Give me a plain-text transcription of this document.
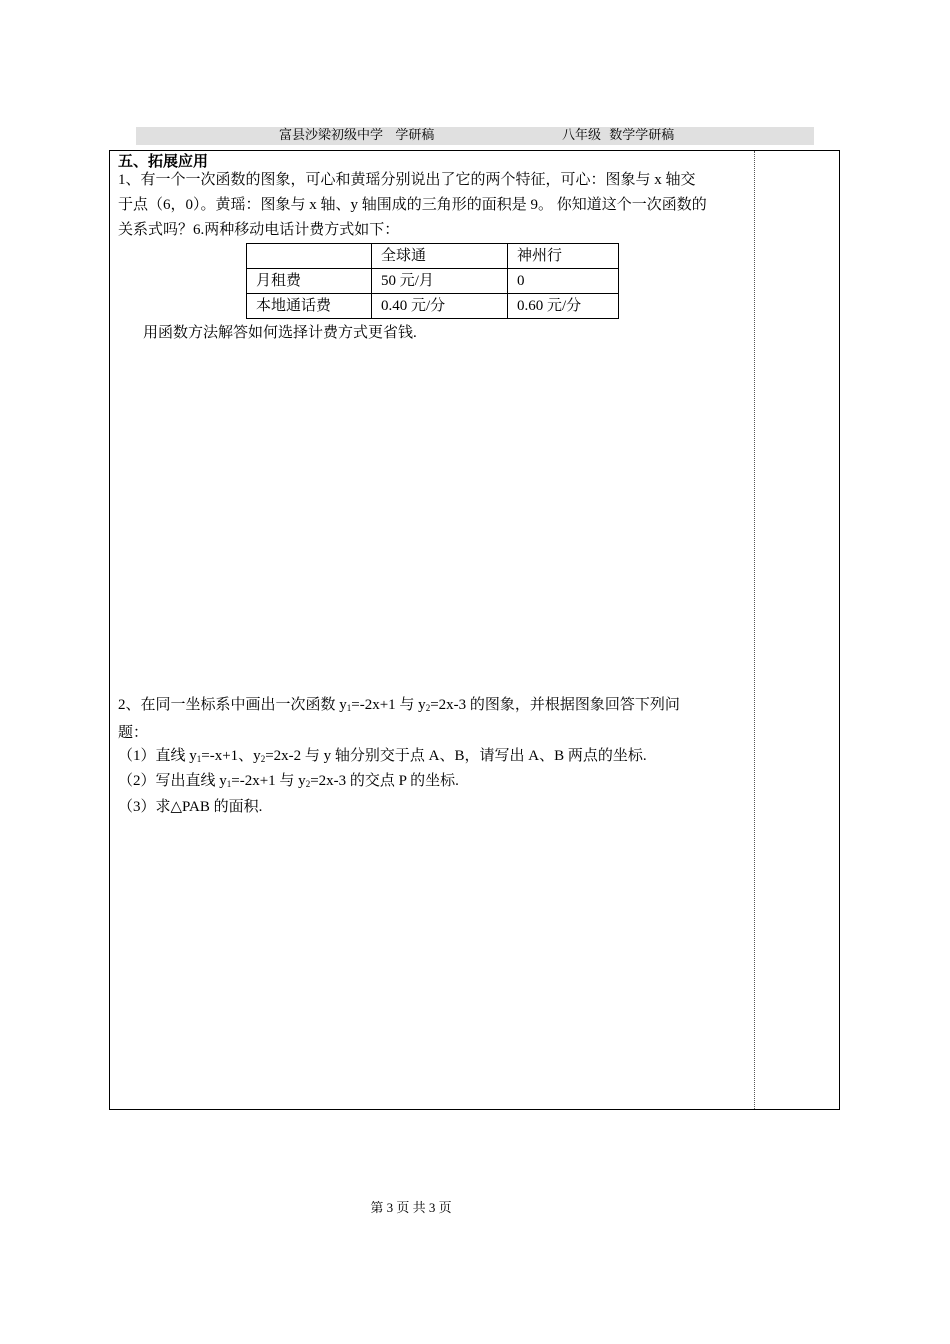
富县沙梁初级中学   学研稿	八年级  数学学研稿
五、拓展应用
1、有一个一次函数的图象，可心和黄瑶分别说出了它的两个特征，可心：图象与 x 轴交
于点（6，0）。黄瑶：图象与 x 轴、y 轴围成的三角形的面积是 9。 你知道这个一次函数的
关系式吗？6.两种移动电话计费方式如下：
	全球通	神州行
月租费	50 元/月	0
本地通话费	0.40 元/分	0.60 元/分
用函数方法解答如何选择计费方式更省钱.
2、在同一坐标系中画出一次函数 $y_1=-2x+1$ 与 $y_2=2x-3$ 的图象，并根据图象回答下列问
题：
（1）直线 $y_1=-x+1$、$y_2=2x-2$ 与 y 轴分别交于点 A、B，请写出 A、B 两点的坐标.
（2）写出直线 $y_1=-2x+1$ 与 $y_2=2x-3$ 的交点 P 的坐标.
（3）求△PAB 的面积.
第 3 页 共 3 页
